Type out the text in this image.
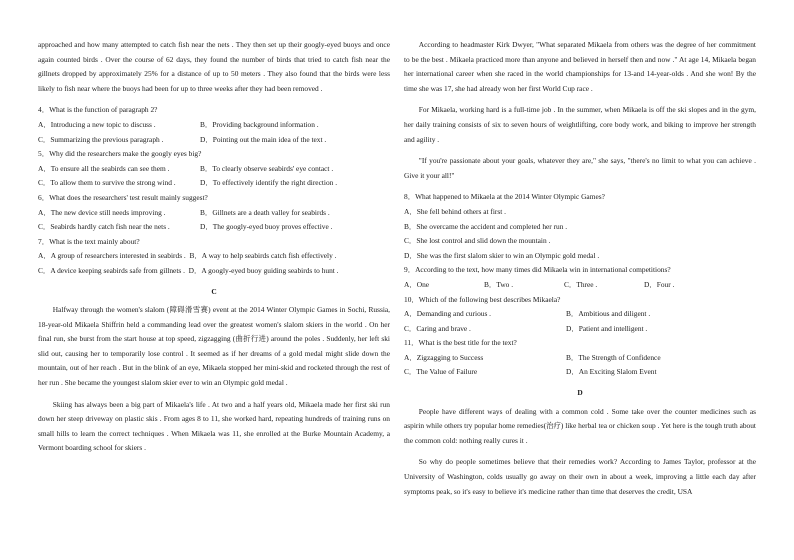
approached and how many attempted to catch fish near the nets . They then set up their googly-eyed buoys and once again counted birds . Over the course of 62 days, they found the number of birds that tried to catch fish near the gillnets dropped by approximately 25% for a distance of up to 50 meters . They also found that the birds were less likely to fish near where the buoys had been for up to three weeks after they had been removed .

4．What is the function of paragraph 2?

A．Introducing a new topic to discuss .	B．Providing background information .
C．Summarizing the previous paragraph .	D．Pointing out the main idea of the text .

5．Why did the researchers make the googly eyes big?

A．To ensure all the seabirds can see them .	B．To clearly observe seabirds' eye contact .
C．To allow them to survive the strong wind .	D．To effectively identify the right direction .

6．What does the researchers' test result mainly suggest?

A．The new device still needs improving .	B．Gillnets are a death valley for seabirds .
C．Seabirds hardly catch fish near the nets .	D．The googly-eyed buoy proves effective .

7．What is the text mainly about?

A．A group of researchers interested in seabirds .  B．A way to help seabirds catch fish effectively .

C．A device keeping seabirds safe from gillnets .  D．A googly-eyed buoy guiding seabirds to hunt .

C

Halfway through the women's slalom (障碍滑雪赛) event at the 2014 Winter Olympic Games in Sochi, Russia, 18-year-old Mikaela Shiffrin held a commanding lead over the greatest women's slalom skiers in the world . On her final run, she burst from the start house at top speed, zigzagging (曲折行进) around the poles . Suddenly, her left ski slid out, causing her to temporarily lose control . It seemed as if her dreams of a gold medal might slide down the mountain, out of her reach . But in the blink of an eye, Mikaela stopped her mini-skid and rocketed through the rest of her run . She became the youngest slalom skier ever to win an Olympic gold medal .

Skiing has always been a big part of Mikaela's life . At two and a half years old, Mikaela made her first ski run down her steep driveway on plastic skis . From ages 8 to 11, she worked hard, repeating hundreds of training runs on small hills to learn the correct techniques . When Mikaela was 11, she enrolled at the Burke Mountain Academy, a Vermont boarding school for skiers .

According to headmaster Kirk Dwyer, "What separated Mikaela from others was the degree of her commitment to be the best . Mikaela practiced more than anyone and believed in herself then and now ." At age 14, Mikaela began her international career when she raced in the world championships for 13-and 14-year-olds . And she won! By the time she was 17, she had already won her first World Cup race .

For Mikaela, working hard is a full-time job . In the summer, when Mikaela is off the ski slopes and in the gym, her daily training consists of six to seven hours of weightlifting, core body work, and biking to improve her strength and agility .

"If you're passionate about your goals, whatever they are," she says, "there's no limit to what you can achieve . Give it your all!"

8．What happened to Mikaela at the 2014 Winter Olympic Games?

A．She fell behind others at first .

B．She overcame the accident and completed her run .

C．She lost control and slid down the mountain .

D．She was the first slalom skier to win an Olympic gold medal .

9．According to the text, how many times did Mikaela win in international competitions?

A．One	B．Two .	C．Three .	D．Four .

10．Which of the following best describes Mikaela?

A．Demanding and curious .	B．Ambitious and diligent .
C．Caring and brave .	D．Patient and intelligent .

11．What is the best title for the text?

A．Zigzagging to Success	B．The Strength of Confidence
C．The Value of Failure	D．An Exciting Slalom Event
D

People have different ways of dealing with a common cold . Some take over the counter medicines such as aspirin while others try popular home remedies(治疗) like herbal tea or chicken soup . Yet here is the tough truth about the common cold: nothing really cures it .

So why do people sometimes believe that their remedies work? According to James Taylor, professor at the University of Washington, colds usually go away on their own in about a week, improving a little each day after symptoms peak, so it's easy to believe it's medicine rather than time that deserves the credit, USA
